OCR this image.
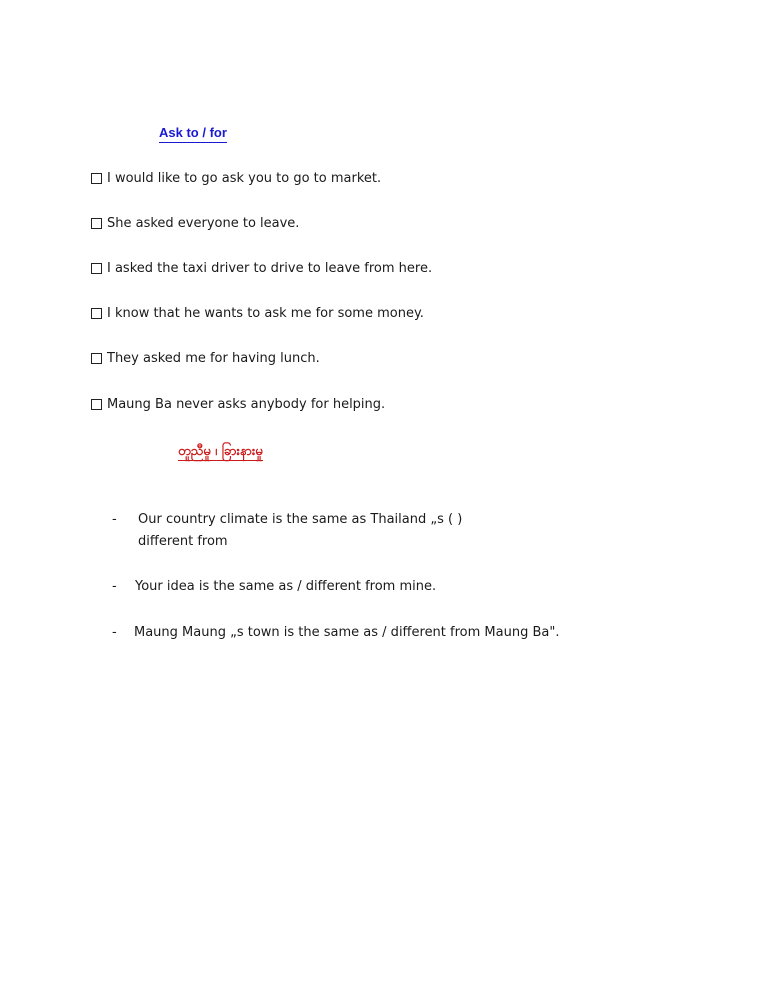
Ask to / for
I would like to go ask you to go to market.
She asked everyone to leave.
I asked the taxi driver to drive to leave from here.
I know that he wants to ask me for some money.
They asked me for having lunch.
Maung Ba never asks anybody for helping.
တူညီမှု ၊ ခြားနားမှု
- Our country climate is the same as Thailand „s ( )
different from
- Your idea is the same as / different from mine.
- Maung Maung „s town is the same as / different from Maung Ba".
